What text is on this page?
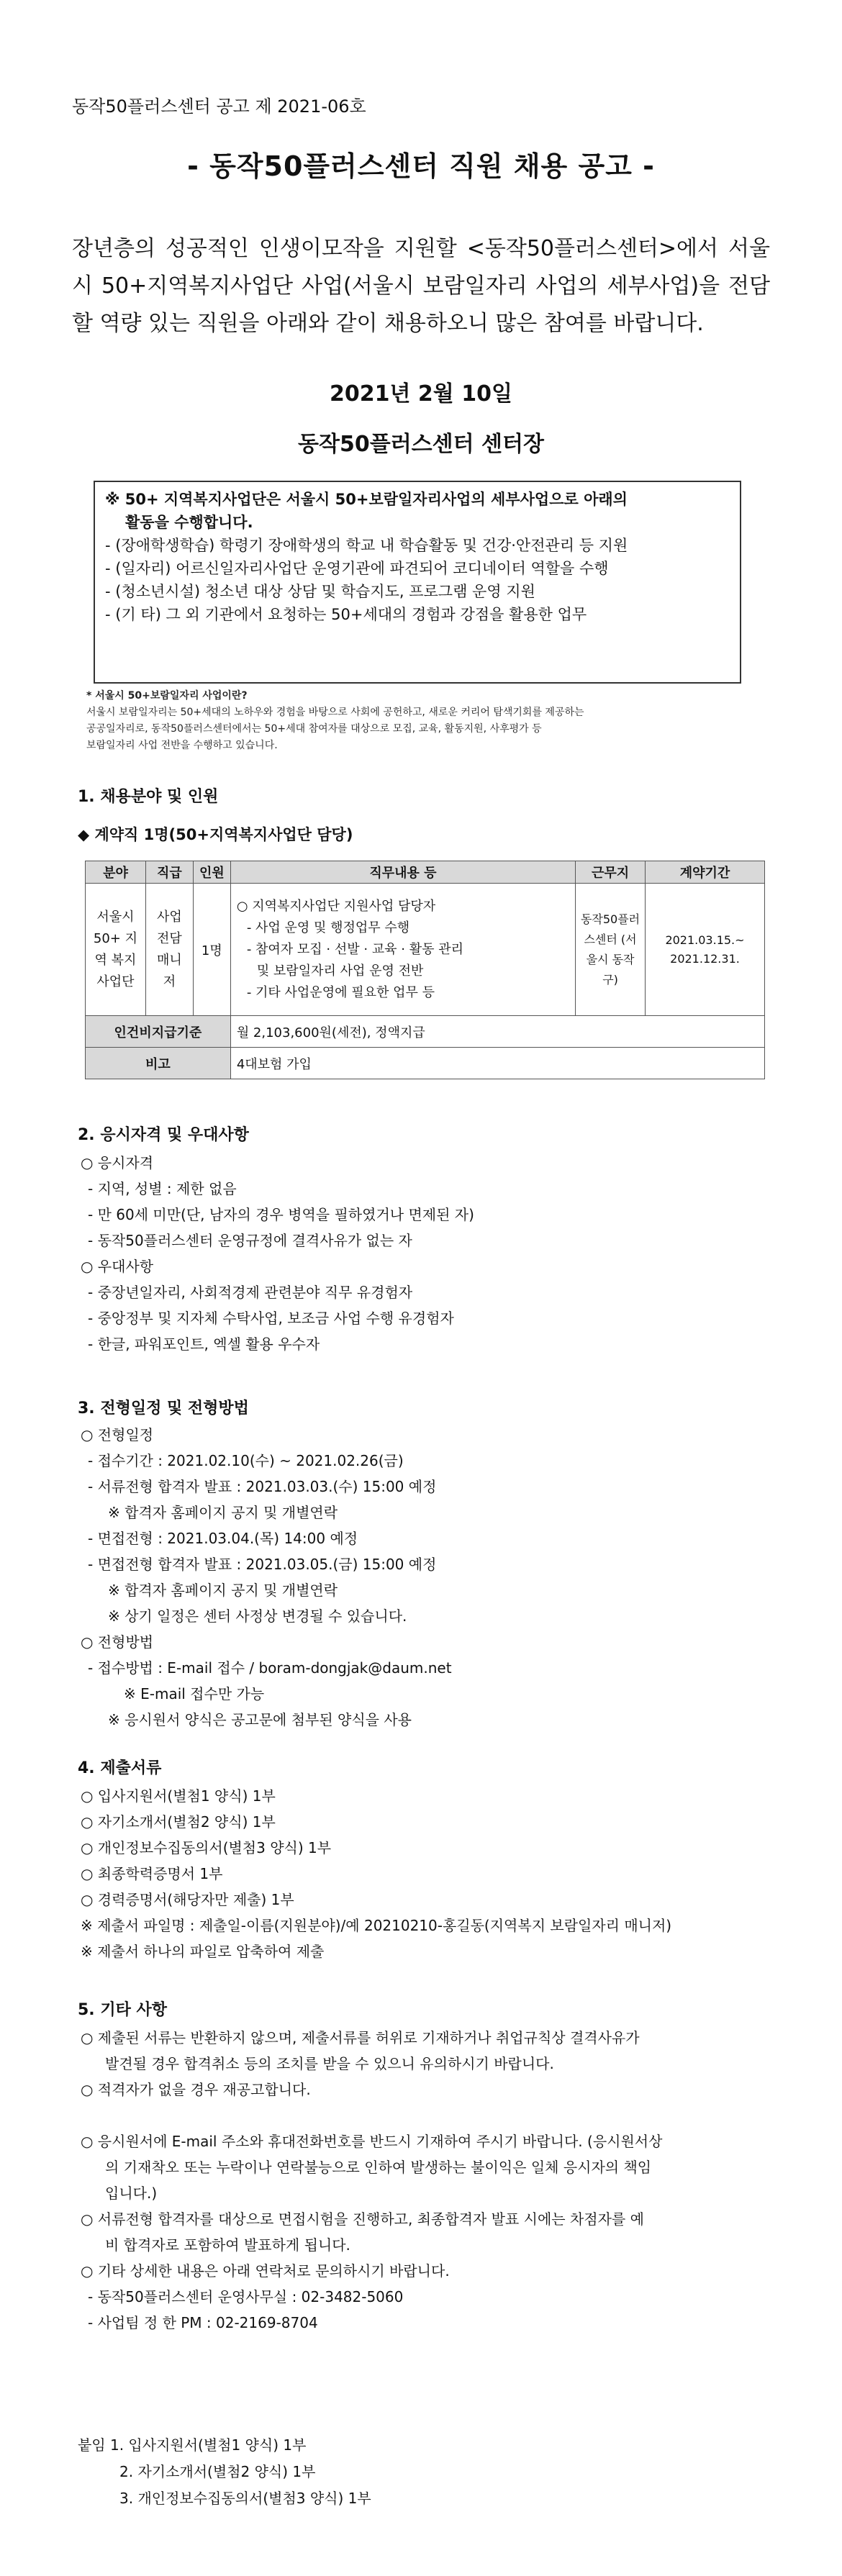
동작50플러스센터 공고 제 2021-06호
- 동작50플러스센터 직원 채용 공고 -
장년층의 성공적인 인생이모작을 지원할 <동작50플러스센터>에서 서울시 50+지역복지사업단 사업(서울시 보람일자리 사업의 세부사업)을 전담할 역량 있는 직원을 아래와 같이 채용하오니 많은 참여를 바랍니다.
2021년 2월 10일
동작50플러스센터 센터장
※ 50+ 지역복지사업단은 서울시 50+보람일자리사업의 세부사업으로 아래의
활동을 수행합니다.
- (장애학생학습) 학령기 장애학생의 학교 내 학습활동 및 건강·안전관리 등 지원
- (일자리) 어르신일자리사업단 운영기관에 파견되어 코디네이터 역할을 수행
- (청소년시설) 청소년 대상 상담 및 학습지도, 프로그램 운영 지원
- (기 타) 그 외 기관에서 요청하는 50+세대의 경험과 강점을 활용한 업무
* 서울시 50+보람일자리 사업이란?
서울시 보람일자리는 50+세대의 노하우와 경험을 바탕으로 사회에 공헌하고, 새로운 커리어 탐색기회를 제공하는
공공일자리로, 동작50플러스센터에서는 50+세대 참여자를 대상으로 모집, 교육, 활동지원, 사후평가 등
보람일자리 사업 전반을 수행하고 있습니다.
1. 채용분야 및 인원
◆ 계약직 1명(50+지역복지사업단 담당)
분야	직급	인원	직무내용 등	근무지	계약기간
서울시 50+ 지역 복지 사업단	사업 전담 매니저	1명	○ 지역복지사업단 지원사업 담당자
- 사업 운영 및 행정업무 수행
- 참여자 모집 · 선발 · 교육 · 활동 관리
및 보람일자리 사업 운영 전반
- 기타 사업운영에 필요한 업무 등	동작50플러스센터 (서울시 동작구)	2021.03.15.~ 2021.12.31.
인건비지급기준			월 2,103,600원(세전), 정액지급		
비고			4대보험 가입		
2. 응시자격 및 우대사항
○ 응시자격
- 지역, 성별 : 제한 없음
- 만 60세 미만(단, 남자의 경우 병역을 필하였거나 면제된 자)
- 동작50플러스센터 운영규정에 결격사유가 없는 자
○ 우대사항
- 중장년일자리, 사회적경제 관련분야 직무 유경험자
- 중앙정부 및 지자체 수탁사업, 보조금 사업 수행 유경험자
- 한글, 파워포인트, 엑셀 활용 우수자
3. 전형일정 및 전형방법
○ 전형일정
- 접수기간 : 2021.02.10(수) ~ 2021.02.26(금)
- 서류전형 합격자 발표 : 2021.03.03.(수) 15:00 예정
※ 합격자 홈페이지 공지 및 개별연락
- 면접전형 : 2021.03.04.(목) 14:00 예정
- 면접전형 합격자 발표 : 2021.03.05.(금) 15:00 예정
※ 합격자 홈페이지 공지 및 개별연락
※ 상기 일정은 센터 사정상 변경될 수 있습니다.
○ 전형방법
- 접수방법 : E-mail 접수 / boram-dongjak@daum.net
※ E-mail 접수만 가능
※ 응시원서 양식은 공고문에 첨부된 양식을 사용
4. 제출서류
○ 입사지원서(별첨1 양식) 1부
○ 자기소개서(별첨2 양식) 1부
○ 개인정보수집동의서(별첨3 양식) 1부
○ 최종학력증명서 1부
○ 경력증명서(해당자만 제출) 1부
※ 제출서 파일명 : 제출일-이름(지원분야)/예 20210210-홍길동(지역복지 보람일자리 매니저)
※ 제출서 하나의 파일로 압축하여 제출
5. 기타 사항
○ 제출된 서류는 반환하지 않으며, 제출서류를 허위로 기재하거나 취업규칙상 결격사유가
발견될 경우 합격취소 등의 조치를 받을 수 있으니 유의하시기 바랍니다.
○ 적격자가 없을 경우 재공고합니다.
○ 응시원서에 E-mail 주소와 휴대전화번호를 반드시 기재하여 주시기 바랍니다. (응시원서상
의 기재착오 또는 누락이나 연락불능으로 인하여 발생하는 불이익은 일체 응시자의 책임
입니다.)
○ 서류전형 합격자를 대상으로 면접시험을 진행하고, 최종합격자 발표 시에는 차점자를 예
비 합격자로 포함하여 발표하게 됩니다.
○ 기타 상세한 내용은 아래 연락처로 문의하시기 바랍니다.
- 동작50플러스센터 운영사무실 : 02-3482-5060
- 사업팀 정 한 PM : 02-2169-8704
붙임 1. 입사지원서(별첨1 양식) 1부
2. 자기소개서(별첨2 양식) 1부
3. 개인정보수집동의서(별첨3 양식) 1부
